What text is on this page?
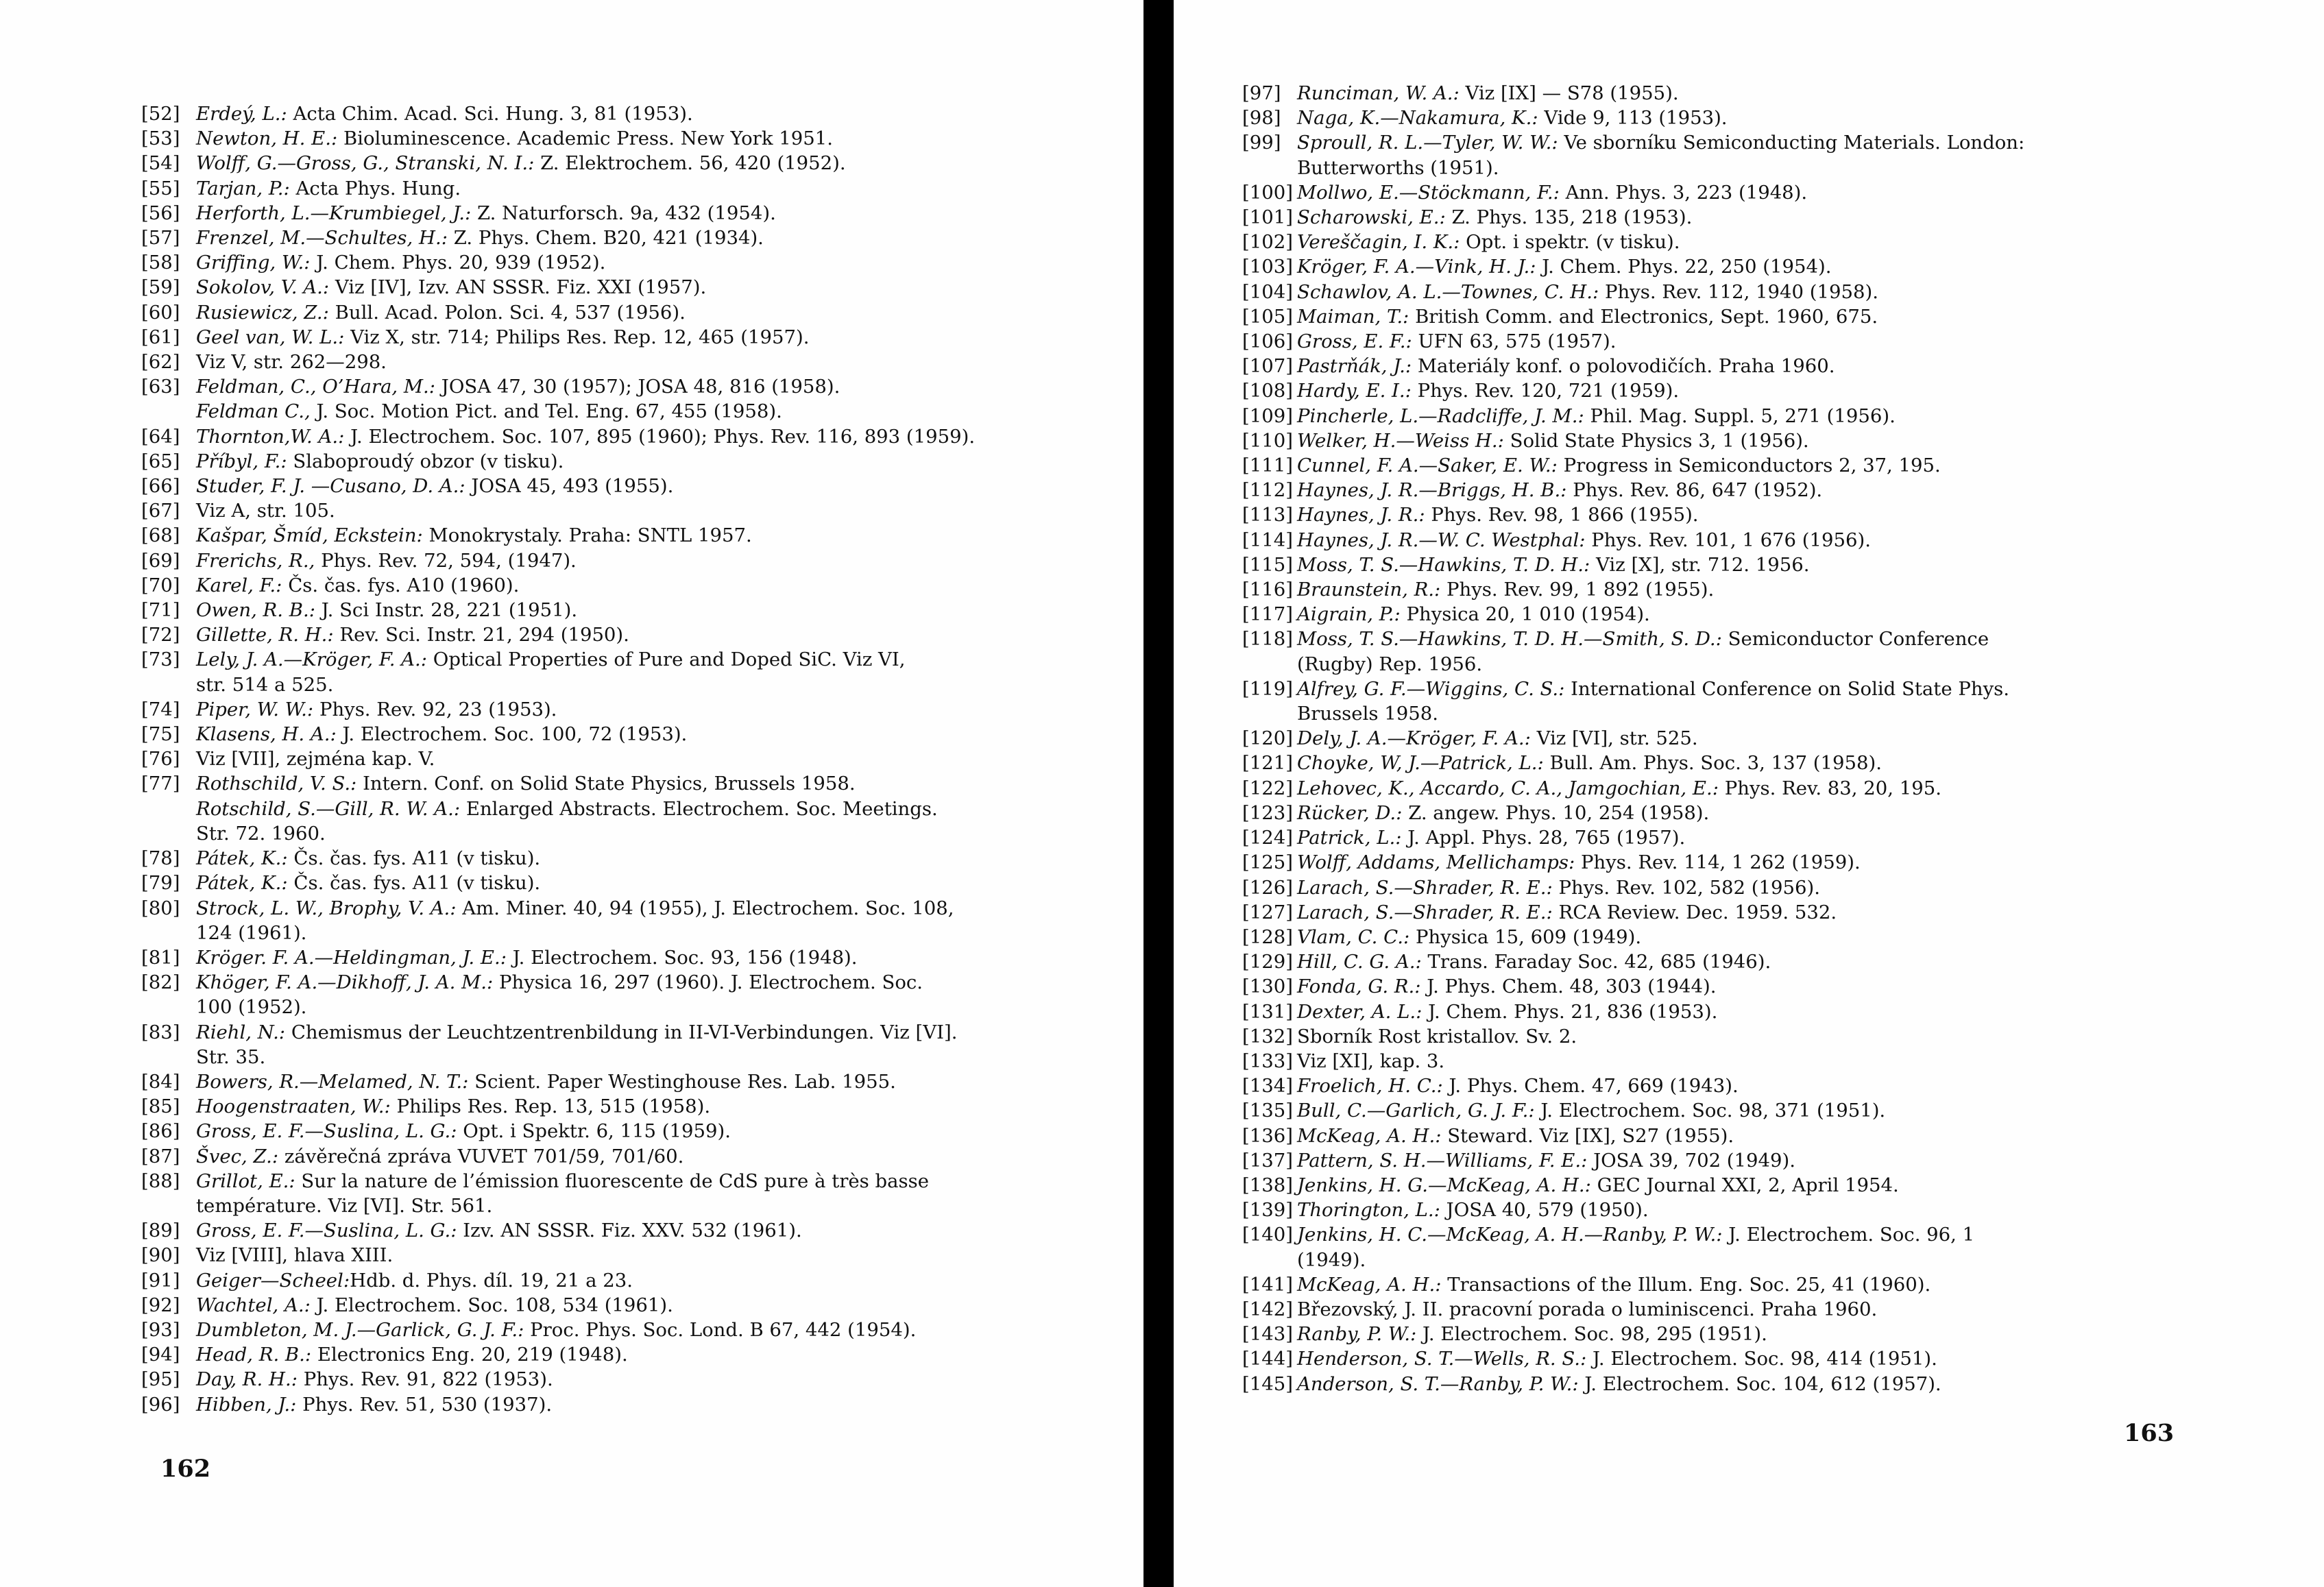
[52] Erdeý, L.: Acta Chim. Acad. Sci. Hung. 3, 81 (1953).
[53] Newton, H. E.: Bioluminescence. Academic Press. New York 1951.
[54] Wolff, G.—Gross, G., Stranski, N. I.: Z. Elektrochem. 56, 420 (1952).
[55] Tarjan, P.: Acta Phys. Hung.
[56] Herforth, L.—Krumbiegel, J.: Z. Naturforsch. 9a, 432 (1954).
[57] Frenzel, M.—Schultes, H.: Z. Phys. Chem. B20, 421 (1934).
[58] Griffing, W.: J. Chem. Phys. 20, 939 (1952).
[59] Sokolov, V. A.: Viz [IV], Izv. AN SSSR. Fiz. XXI (1957).
[60] Rusiewicz, Z.: Bull. Acad. Polon. Sci. 4, 537 (1956).
[61] Geel van, W. L.: Viz X, str. 714; Philips Res. Rep. 12, 465 (1957).
[62] Viz V, str. 262—298.
[63] Feldman, C., O’Hara, M.: JOSA 47, 30 (1957); JOSA 48, 816 (1958).
Feldman C., J. Soc. Motion Pict. and Tel. Eng. 67, 455 (1958).
[64] Thornton,W. A.: J. Electrochem. Soc. 107, 895 (1960); Phys. Rev. 116, 893 (1959).
[65] Příbyl, F.: Slaboproudý obzor (v tisku).
[66] Studer, F. J. —Cusano, D. A.: JOSA 45, 493 (1955).
[67] Viz A, str. 105.
[68] Kašpar, Šmíd, Eckstein: Monokrystaly. Praha: SNTL 1957.
[69] Frerichs, R., Phys. Rev. 72, 594, (1947).
[70] Karel, F.: Čs. čas. fys. A10 (1960).
[71] Owen, R. B.: J. Sci Instr. 28, 221 (1951).
[72] Gillette, R. H.: Rev. Sci. Instr. 21, 294 (1950).
[73] Lely, J. A.—Kröger, F. A.: Optical Properties of Pure and Doped SiC. Viz VI,
str. 514 a 525.
[74] Piper, W. W.: Phys. Rev. 92, 23 (1953).
[75] Klasens, H. A.: J. Electrochem. Soc. 100, 72 (1953).
[76] Viz [VII], zejména kap. V.
[77] Rothschild, V. S.: Intern. Conf. on Solid State Physics, Brussels 1958.
Rotschild, S.—Gill, R. W. A.: Enlarged Abstracts. Electrochem. Soc. Meetings.
Str. 72. 1960.
[78] Pátek, K.: Čs. čas. fys. A11 (v tisku).
[79] Pátek, K.: Čs. čas. fys. A11 (v tisku).
[80] Strock, L. W., Brophy, V. A.: Am. Miner. 40, 94 (1955), J. Electrochem. Soc. 108,
124 (1961).
[81] Kröger. F. A.—Heldingman, J. E.: J. Electrochem. Soc. 93, 156 (1948).
[82] Khöger, F. A.—Dikhoff, J. A. M.: Physica 16, 297 (1960). J. Electrochem. Soc.
100 (1952).
[83] Riehl, N.: Chemismus der Leuchtzentrenbildung in II-VI-Verbindungen. Viz [VI].
Str. 35.
[84] Bowers, R.—Melamed, N. T.: Scient. Paper Westinghouse Res. Lab. 1955.
[85] Hoogenstraaten, W.: Philips Res. Rep. 13, 515 (1958).
[86] Gross, E. F.—Suslina, L. G.: Opt. i Spektr. 6, 115 (1959).
[87] Švec, Z.: závěrečná zpráva VUVET 701/59, 701/60.
[88] Grillot, E.: Sur la nature de l’émission fluorescente de CdS pure à très basse
température. Viz [VI]. Str. 561.
[89] Gross, E. F.—Suslina, L. G.: Izv. AN SSSR. Fiz. XXV. 532 (1961).
[90] Viz [VIII], hlava XIII.
[91] Geiger—Scheel:Hdb. d. Phys. díl. 19, 21 a 23.
[92] Wachtel, A.: J. Electrochem. Soc. 108, 534 (1961).
[93] Dumbleton, M. J.—Garlick, G. J. F.: Proc. Phys. Soc. Lond. B 67, 442 (1954).
[94] Head, R. B.: Electronics Eng. 20, 219 (1948).
[95] Day, R. H.: Phys. Rev. 91, 822 (1953).
[96] Hibben, J.: Phys. Rev. 51, 530 (1937).
162
[97] Runciman, W. A.: Viz [IX] — S78 (1955).
[98] Naga, K.—Nakamura, K.: Vide 9, 113 (1953).
[99] Sproull, R. L.—Tyler, W. W.: Ve sborníku Semiconducting Materials. London:
Butterworths (1951).
[100] Mollwo, E.—Stöckmann, F.: Ann. Phys. 3, 223 (1948).
[101] Scharowski, E.: Z. Phys. 135, 218 (1953).
[102] Vereščagin, I. K.: Opt. i spektr. (v tisku).
[103] Kröger, F. A.—Vink, H. J.: J. Chem. Phys. 22, 250 (1954).
[104] Schawlov, A. L.—Townes, C. H.: Phys. Rev. 112, 1940 (1958).
[105] Maiman, T.: British Comm. and Electronics, Sept. 1960, 675.
[106] Gross, E. F.: UFN 63, 575 (1957).
[107] Pastrňák, J.: Materiály konf. o polovodičích. Praha 1960.
[108] Hardy, E. I.: Phys. Rev. 120, 721 (1959).
[109] Pincherle, L.—Radcliffe, J. M.: Phil. Mag. Suppl. 5, 271 (1956).
[110] Welker, H.—Weiss H.: Solid State Physics 3, 1 (1956).
[111] Cunnel, F. A.—Saker, E. W.: Progress in Semiconductors 2, 37, 195.
[112] Haynes, J. R.—Briggs, H. B.: Phys. Rev. 86, 647 (1952).
[113] Haynes, J. R.: Phys. Rev. 98, 1 866 (1955).
[114] Haynes, J. R.—W. C. Westphal: Phys. Rev. 101, 1 676 (1956).
[115] Moss, T. S.—Hawkins, T. D. H.: Viz [X], str. 712. 1956.
[116] Braunstein, R.: Phys. Rev. 99, 1 892 (1955).
[117] Aigrain, P.: Physica 20, 1 010 (1954).
[118] Moss, T. S.—Hawkins, T. D. H.—Smith, S. D.: Semiconductor Conference
(Rugby) Rep. 1956.
[119] Alfrey, G. F.—Wiggins, C. S.: International Conference on Solid State Phys.
Brussels 1958.
[120] Dely, J. A.—Kröger, F. A.: Viz [VI], str. 525.
[121] Choyke, W, J.—Patrick, L.: Bull. Am. Phys. Soc. 3, 137 (1958).
[122] Lehovec, K., Accardo, C. A., Jamgochian, E.: Phys. Rev. 83, 20, 195.
[123] Rücker, D.: Z. angew. Phys. 10, 254 (1958).
[124] Patrick, L.: J. Appl. Phys. 28, 765 (1957).
[125] Wolff, Addams, Mellichamps: Phys. Rev. 114, 1 262 (1959).
[126] Larach, S.—Shrader, R. E.: Phys. Rev. 102, 582 (1956).
[127] Larach, S.—Shrader, R. E.: RCA Review. Dec. 1959. 532.
[128] Vlam, C. C.: Physica 15, 609 (1949).
[129] Hill, C. G. A.: Trans. Faraday Soc. 42, 685 (1946).
[130] Fonda, G. R.: J. Phys. Chem. 48, 303 (1944).
[131] Dexter, A. L.: J. Chem. Phys. 21, 836 (1953).
[132] Sborník Rost kristallov. Sv. 2.
[133] Viz [XI], kap. 3.
[134] Froelich, H. C.: J. Phys. Chem. 47, 669 (1943).
[135] Bull, C.—Garlich, G. J. F.: J. Electrochem. Soc. 98, 371 (1951).
[136] McKeag, A. H.: Steward. Viz [IX], S27 (1955).
[137] Pattern, S. H.—Williams, F. E.: JOSA 39, 702 (1949).
[138] Jenkins, H. G.—McKeag, A. H.: GEC Journal XXI, 2, April 1954.
[139] Thorington, L.: JOSA 40, 579 (1950).
[140] Jenkins, H. C.—McKeag, A. H.—Ranby, P. W.: J. Electrochem. Soc. 96, 1
(1949).
[141] McKeag, A. H.: Transactions of the Illum. Eng. Soc. 25, 41 (1960).
[142] Březovský, J. II. pracovní porada o luminiscenci. Praha 1960.
[143] Ranby, P. W.: J. Electrochem. Soc. 98, 295 (1951).
[144] Henderson, S. T.—Wells, R. S.: J. Electrochem. Soc. 98, 414 (1951).
[145] Anderson, S. T.—Ranby, P. W.: J. Electrochem. Soc. 104, 612 (1957).
163
